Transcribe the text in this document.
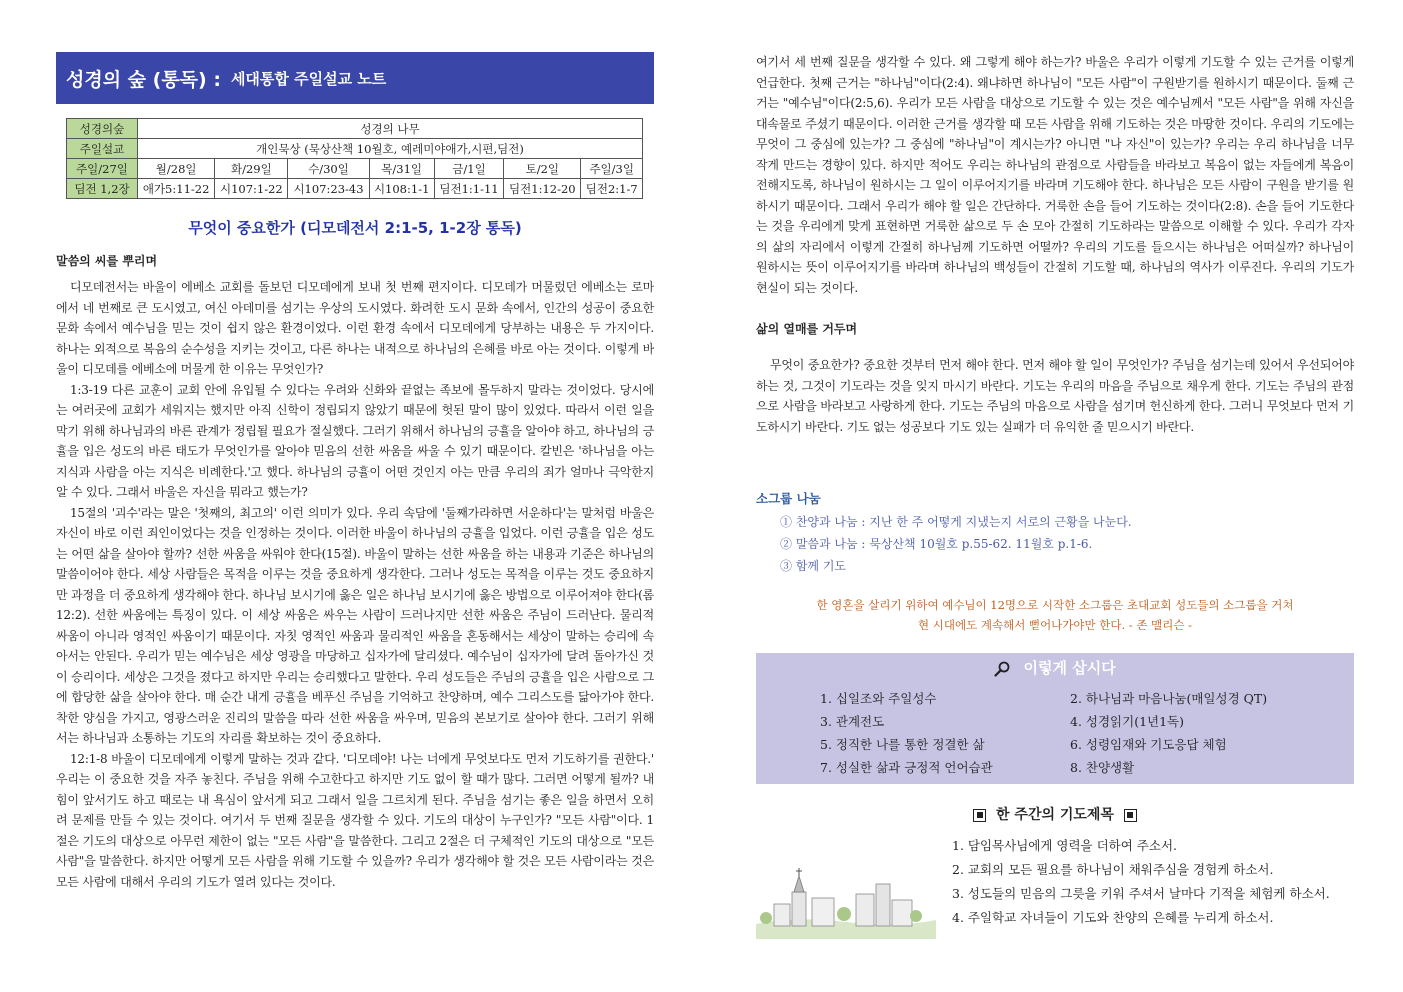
성경의 숲 (통독) : 세대통합 주일설교 노트
성경의숲	성경의 나무						
주일설교	개인묵상 (묵상산책 10월호, 예레미야애가,시편,딤전)						
주일/27일	월/28일	화/29일	수/30일	목/31일	금/1일	토/2일	주일/3일
딤전 1,2장	애가5:11-22	시107:1-22	시107:23-43	시108:1-1	딤전1:1-11	딤전1:12-20	딤전2:1-7
무엇이 중요한가 (디모데전서 2:1-5, 1-2장 통독)
말씀의 씨를 뿌리며

디모데전서는 바울이 에베소 교회를 돌보던 디모데에게 보내 첫 번째 편지이다. 디모데가 머물렀던 에베소는 로마에서 네 번째로 큰 도시였고, 여신 아데미를 섬기는 우상의 도시였다. 화려한 도시 문화 속에서, 인간의 성공이 중요한 문화 속에서 예수님을 믿는 것이 쉽지 않은 환경이었다. 이런 환경 속에서 디모데에게 당부하는 내용은 두 가지이다. 하나는 외적으로 복음의 순수성을 지키는 것이고, 다른 하나는 내적으로 하나님의 은혜를 바로 아는 것이다. 이렇게 바울이 디모데를 에베소에 머물게 한 이유는 무엇인가?

1:3-19 다른 교훈이 교회 안에 유입될 수 있다는 우려와 신화와 끝없는 족보에 몰두하지 말라는 것이었다. 당시에는 여러곳에 교회가 세워지는 했지만 아직 신학이 정립되지 않았기 때문에 헛된 말이 많이 있었다. 따라서 이런 일을 막기 위해 하나님과의 바른 관계가 정립될 필요가 절실했다. 그러기 위해서 하나님의 긍휼을 알아야 하고, 하나님의 긍휼을 입은 성도의 바른 태도가 무엇인가를 알아야 믿음의 선한 싸움을 싸울 수 있기 때문이다. 칼빈은 '하나님을 아는 지식과 사람을 아는 지식은 비례한다.'고 했다. 하나님의 긍휼이 어떤 것인지 아는 만큼 우리의 죄가 얼마나 극악한지 알 수 있다. 그래서 바울은 자신을 뭐라고 했는가?

15절의 '괴수'라는 말은 '첫째의, 최고의' 이런 의미가 있다. 우리 속담에 '둘째가라하면 서운하다'는 말처럼 바울은 자신이 바로 이런 죄인이었다는 것을 인정하는 것이다. 이러한 바울이 하나님의 긍휼을 입었다. 이런 긍휼을 입은 성도는 어떤 삶을 살아야 할까? 선한 싸움을 싸워야 한다(15절). 바울이 말하는 선한 싸움을 하는 내용과 기준은 하나님의 말씀이어야 한다. 세상 사람들은 목적을 이루는 것을 중요하게 생각한다. 그러나 성도는 목적을 이루는 것도 중요하지만 과정을 더 중요하게 생각해야 한다. 하나님 보시기에 옳은 일은 하나님 보시기에 옳은 방법으로 이루어져야 한다(롬 12:2). 선한 싸움에는 특징이 있다. 이 세상 싸움은 싸우는 사람이 드러나지만 선한 싸움은 주님이 드러난다. 물리적 싸움이 아니라 영적인 싸움이기 때문이다. 자칫 영적인 싸움과 물리적인 싸움을 혼동해서는 세상이 말하는 승리에 속아서는 안된다. 우리가 믿는 예수님은 세상 영광을 마당하고 십자가에 달리셨다. 예수님이 십자가에 달려 돌아가신 것이 승리이다. 세상은 그것을 졌다고 하지만 우리는 승리했다고 말한다. 우리 성도들은 주님의 긍휼을 입은 사람으로 그에 합당한 삶을 살아야 한다. 매 순간 내게 긍휼을 베푸신 주님을 기억하고 찬양하며, 예수 그리스도를 닮아가야 한다. 착한 양심을 가지고, 영광스러운 진리의 말씀을 따라 선한 싸움을 싸우며, 믿음의 본보기로 살아야 한다. 그러기 위해서는 하나님과 소통하는 기도의 자리를 확보하는 것이 중요하다.

12:1-8 바울이 디모데에게 이렇게 말하는 것과 같다. '디모데야! 나는 너에게 무엇보다도 먼저 기도하기를 권한다.' 우리는 이 중요한 것을 자주 놓친다. 주님을 위해 수고한다고 하지만 기도 없이 할 때가 많다. 그러면 어떻게 될까? 내 힘이 앞서기도 하고 때로는 내 욕심이 앞서게 되고 그래서 일을 그르치게 된다. 주님을 섬기는 좋은 일을 하면서 오히려 문제를 만들 수 있는 것이다. 여기서 두 번째 질문을 생각할 수 있다. 기도의 대상이 누구인가? "모든 사람"이다. 1절은 기도의 대상으로 아무런 제한이 없는 "모든 사람"을 말씀한다. 그리고 2절은 더 구체적인 기도의 대상으로 "모든 사람"을 말씀한다. 하지만 어떻게 모든 사람을 위해 기도할 수 있을까? 우리가 생각해야 할 것은 모든 사람이라는 것은 모든 사람에 대해서 우리의 기도가 열려 있다는 것이다.

여기서 세 번째 질문을 생각할 수 있다. 왜 그렇게 해야 하는가? 바울은 우리가 이렇게 기도할 수 있는 근거를 이렇게 언급한다. 첫째 근거는 "하나님"이다(2:4). 왜냐하면 하나님이 "모든 사람"이 구원받기를 원하시기 때문이다. 둘째 근거는 "예수님"이다(2:5,6). 우리가 모든 사람을 대상으로 기도할 수 있는 것은 예수님께서 "모든 사람"을 위해 자신을 대속물로 주셨기 때문이다. 이러한 근거를 생각할 때 모든 사람을 위해 기도하는 것은 마땅한 것이다. 우리의 기도에는 무엇이 그 중심에 있는가? 그 중심에 "하나님"이 계시는가? 아니면 "나 자신"이 있는가? 우리는 우리 하나님을 너무 작게 만드는 경향이 있다. 하지만 적어도 우리는 하나님의 관점으로 사람들을 바라보고 복음이 없는 자들에게 복음이 전해지도록, 하나님이 원하시는 그 일이 이루어지기를 바라며 기도해야 한다. 하나님은 모든 사람이 구원을 받기를 원하시기 때문이다. 그래서 우리가 해야 할 일은 간단하다. 거룩한 손을 들어 기도하는 것이다(2:8). 손을 들어 기도한다는 것을 우리에게 맞게 표현하면 거룩한 삶으로 두 손 모아 간절히 기도하라는 말씀으로 이해할 수 있다. 우리가 각자의 삶의 자리에서 이렇게 간절히 하나님께 기도하면 어떨까? 우리의 기도를 들으시는 하나님은 어떠실까? 하나님이 원하시는 뜻이 이루어지기를 바라며 하나님의 백성들이 간절히 기도할 때, 하나님의 역사가 이루진다. 우리의 기도가 현실이 되는 것이다.

삶의 열매를 거두며

무엇이 중요한가? 중요한 것부터 먼저 해야 한다. 먼저 해야 할 일이 무엇인가? 주님을 섬기는데 있어서 우선되어야 하는 것, 그것이 기도라는 것을 잊지 마시기 바란다. 기도는 우리의 마음을 주님으로 채우게 한다. 기도는 주님의 관점으로 사람을 바라보고 사랑하게 한다. 기도는 주님의 마음으로 사람을 섬기며 헌신하게 한다. 그러니 무엇보다 먼저 기도하시기 바란다. 기도 없는 성공보다 기도 있는 실패가 더 유익한 줄 믿으시기 바란다.

소그룹 나눔
① 찬양과 나눔 : 지난 한 주 어떻게 지냈는지 서로의 근황을 나눈다.
② 말씀과 나눔 : 묵상산책 10월호 p.55-62. 11월호 p.1-6.
③ 함께 기도
한 영혼을 살리기 위하여 예수님이 12명으로 시작한 소그룹은 초대교회 성도들의 소그룹을 거쳐
현 시대에도 계속해서 뻗어나가야만 한다. - 존 맬리슨 -
이렇게 삽시다
1. 십일조와 주일성수	2. 하나님과 마음나눔(매일성경 QT)
3. 관계전도	4. 성경읽기(1년1독)
5. 정직한 나를 통한 정결한 삶	6. 성령임재와 기도응답 체험
7. 성실한 삶과 긍정적 언어습관	8. 찬양생활
한 주간의 기도제목
1. 담임목사님에게 영력을 더하여 주소서.
2. 교회의 모든 필요를 하나님이 채워주심을 경험케 하소서.
3. 성도들의 믿음의 그릇을 키워 주셔서 날마다 기적을 체험케 하소서.
4. 주일학교 자녀들이 기도와 찬양의 은혜를 누리게 하소서.
